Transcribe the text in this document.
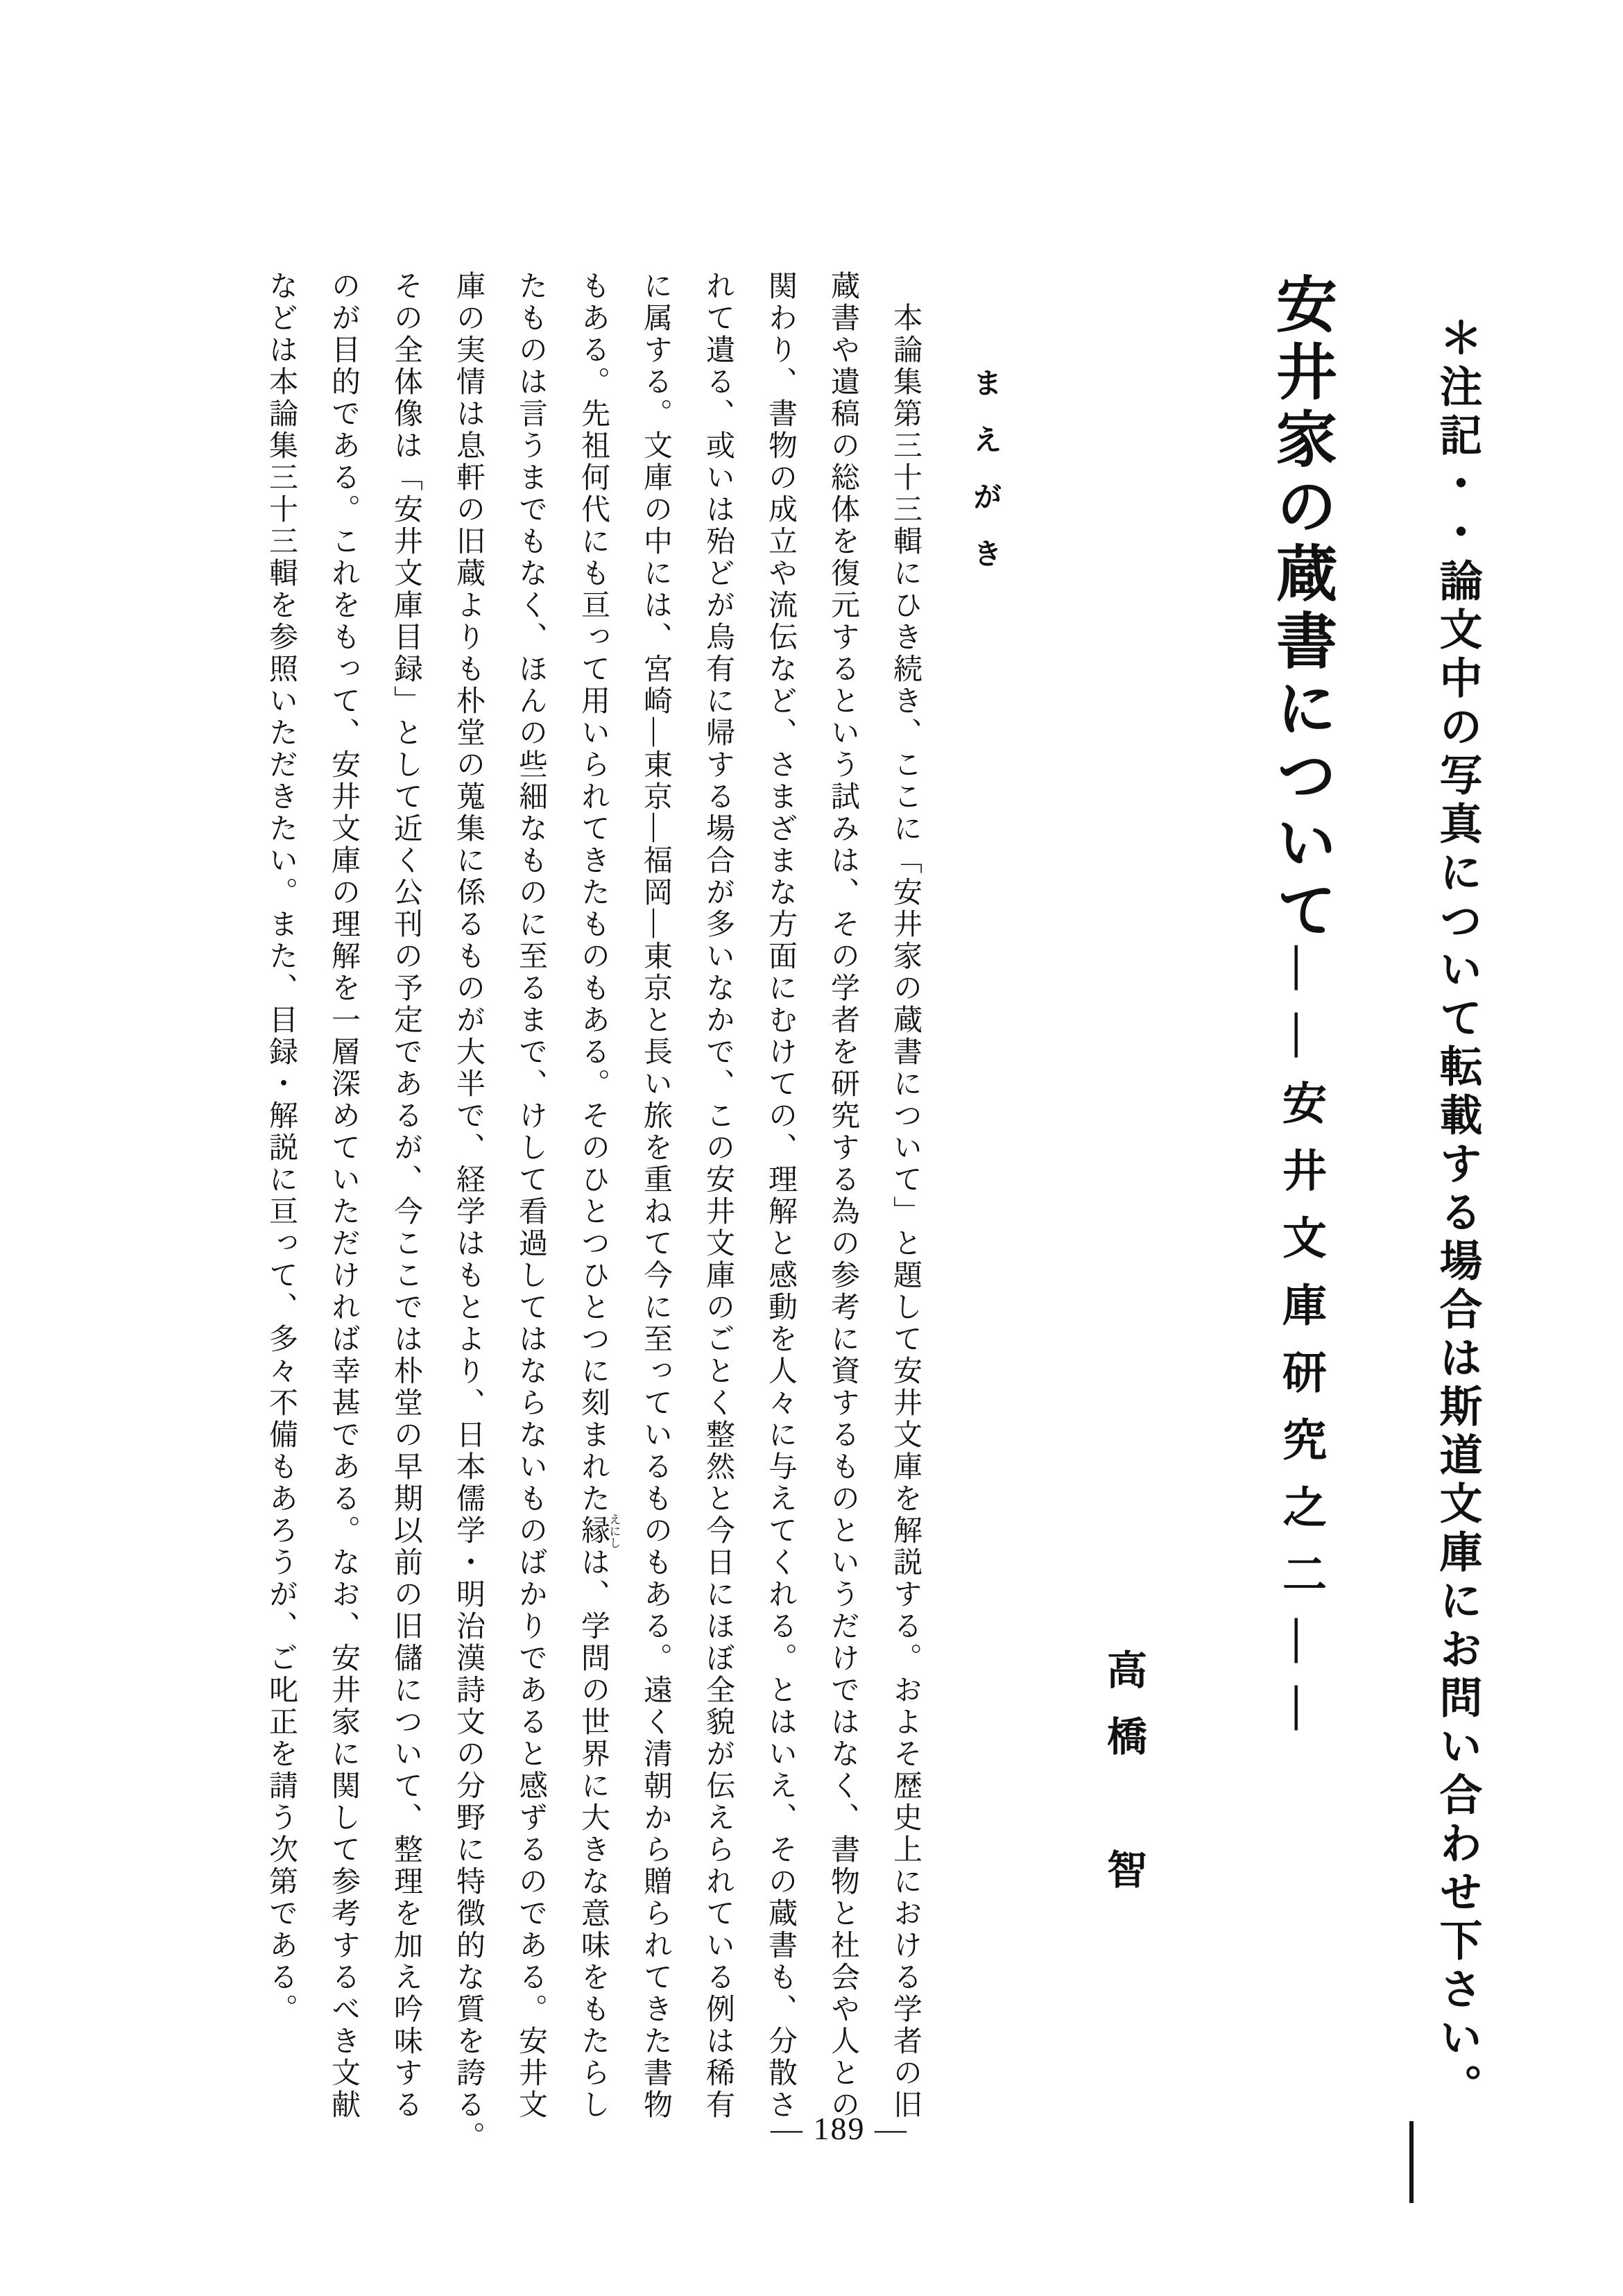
＊注記・・論文中の写真について転載する場合は斯道文庫にお問い合わせ下さい。
安井家の蔵書について――安井文庫研究之二――
高橋　智
まえがき
本論集第三十三輯にひき続き、ここに「安井家の蔵書について」と題して安井文庫を解説する。およそ歴史上における学者の旧
蔵書や遺稿の総体を復元するという試みは、その学者を研究する為の参考に資するものというだけではなく、書物と社会や人との
関わり、書物の成立や流伝など、さまざまな方面にむけての、理解と感動を人々に与えてくれる。とはいえ、その蔵書も、分散さ
れて遺る、或いは殆どが烏有に帰する場合が多いなかで、この安井文庫のごとく整然と今日にほぼ全貌が伝えられている例は稀有
に属する。文庫の中には、宮崎―東京―福岡―東京と長い旅を重ねて今に至っているものもある。遠く清朝から贈られてきた書物
もある。先祖何代にも亘って用いられてきたものもある。そのひとつひとつに刻まれた縁えにしは、学問の世界に大きな意味をもたらし
たものは言うまでもなく、ほんの些細なものに至るまで、けして看過してはならないものばかりであると感ずるのである。安井文
庫の実情は息軒の旧蔵よりも朴堂の蒐集に係るものが大半で、経学はもとより、日本儒学・明治漢詩文の分野に特徴的な質を誇る。
その全体像は「安井文庫目録」として近く公刊の予定であるが、今ここでは朴堂の早期以前の旧儲について、整理を加え吟味する
のが目的である。これをもって、安井文庫の理解を一層深めていただければ幸甚である。なお、安井家に関して参考するべき文献
などは本論集三十三輯を参照いただきたい。また、目録・解説に亘って、多々不備もあろうが、ご叱正を請う次第である。
— 189 —
